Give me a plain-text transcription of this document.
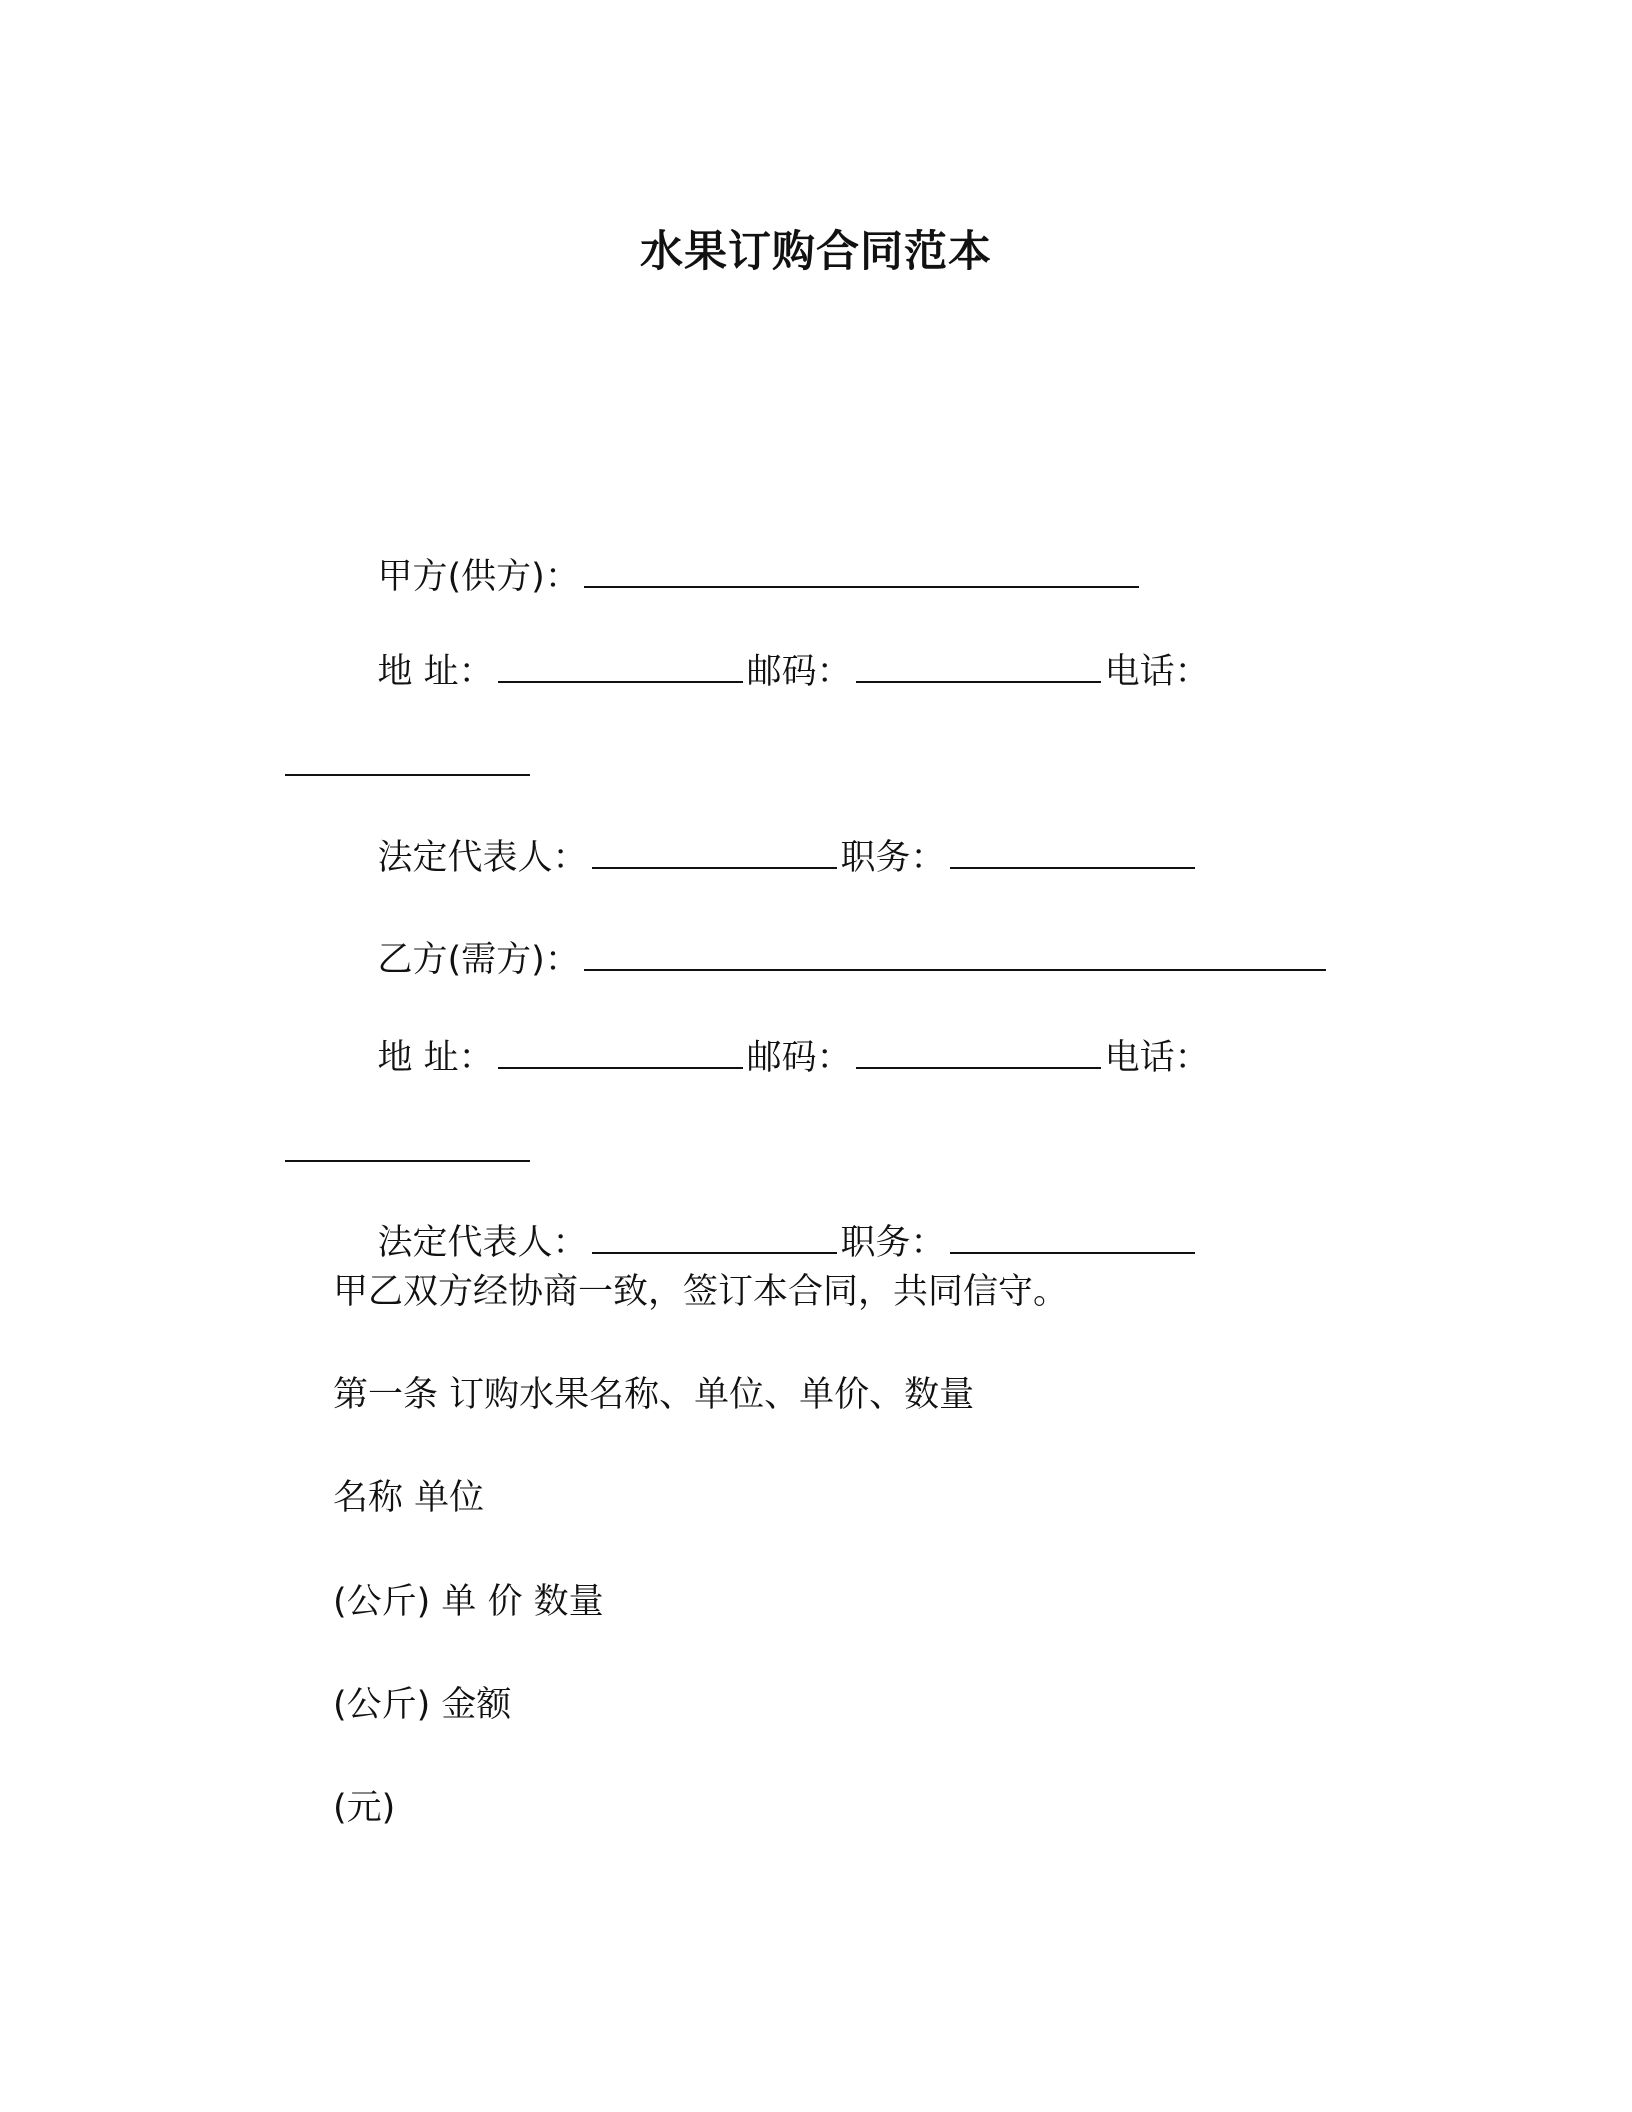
水果订购合同范本

甲方(供方)：

地 址：	邮码：	电话：

法定代表人：	职务：

乙方(需方)：

地 址：	邮码：	电话：

法定代表人：	职务：

甲乙双方经协商一致，签订本合同，共同信守。
第一条 订购水果名称、单位、单价、数量
名称 单位
(公斤) 单 价 数量
(公斤) 金额
(元)
